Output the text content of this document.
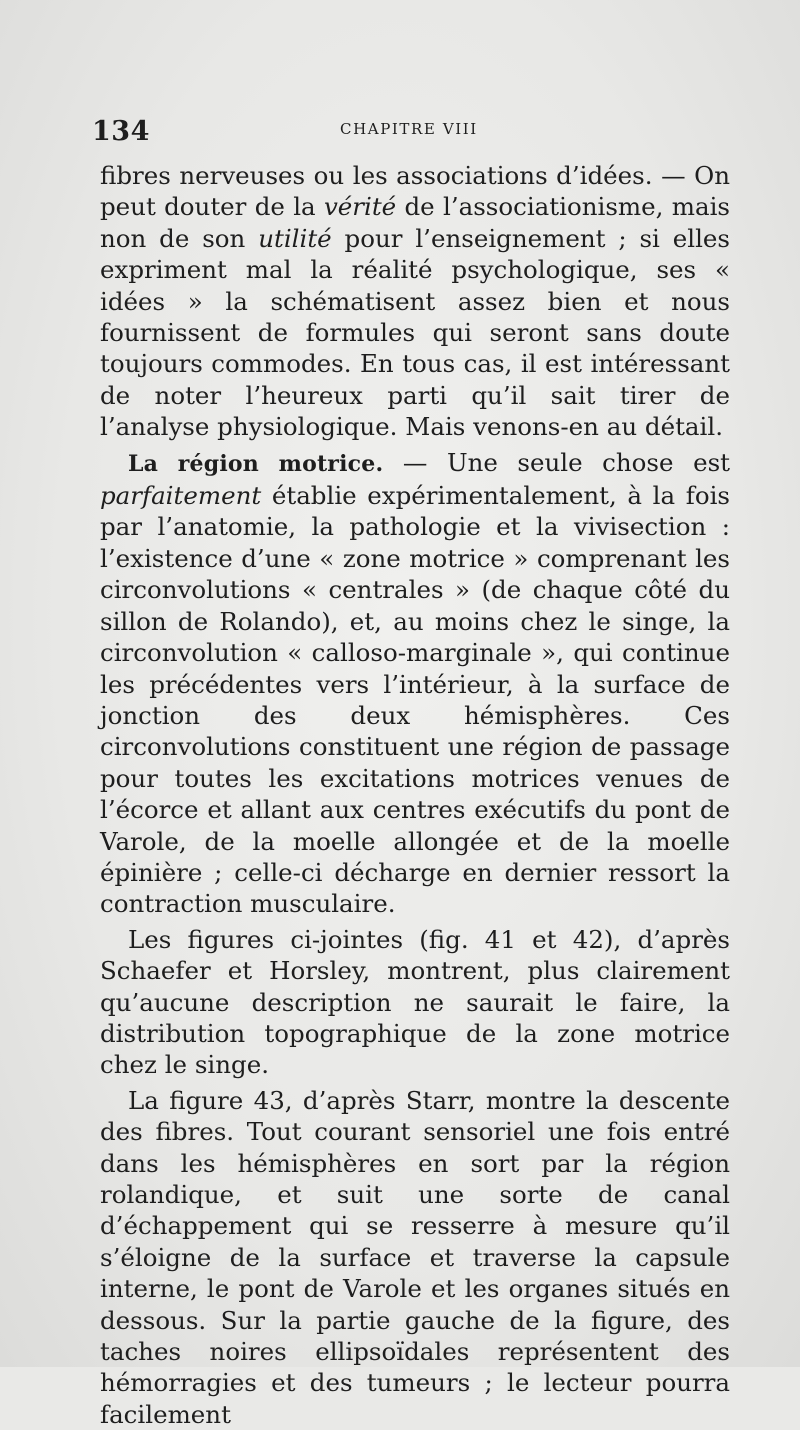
134	CHAPITRE VIII

fibres nerveuses ou les associations d’idées. — On peut douter de la vérité de l’associationisme, mais non de son utilité pour l’enseignement ; si elles expriment mal la réalité psychologique, ses « idées » la schématisent assez bien et nous fournissent de formules qui seront sans doute toujours commodes. En tous cas, il est intéressant de noter l’heureux parti qu’il sait tirer de l’analyse physiologique. Mais venons-en au détail.

La région motrice. — Une seule chose est parfaitement établie expérimentalement, à la fois par l’anatomie, la pathologie et la vivisection : l’existence d’une « zone motrice » comprenant les circonvolutions « centrales » (de chaque côté du sillon de Rolando), et, au moins chez le singe, la circonvolution « calloso-marginale », qui continue les précédentes vers l’intérieur, à la surface de jonction des deux hémisphères. Ces circonvolutions constituent une région de passage pour toutes les excitations motrices venues de l’écorce et allant aux centres exécutifs du pont de Varole, de la moelle allongée et de la moelle épinière ; celle-ci décharge en dernier ressort la contraction musculaire.

Les figures ci-jointes (fig. 41 et 42), d’après Schaefer et Horsley, montrent, plus clairement qu’aucune description ne saurait le faire, la distribution topographique de la zone motrice chez le singe.

La figure 43, d’après Starr, montre la descente des fibres. Tout courant sensoriel une fois entré dans les hémisphères en sort par la région rolandique, et suit une sorte de canal d’échappement qui se resserre à mesure qu’il s’éloigne de la surface et traverse la capsule interne, le pont de Varole et les organes situés en dessous. Sur la partie gauche de la figure, des taches noires ellipsoïdales représentent des hémorragies et des tumeurs ; le lecteur pourra facilement
